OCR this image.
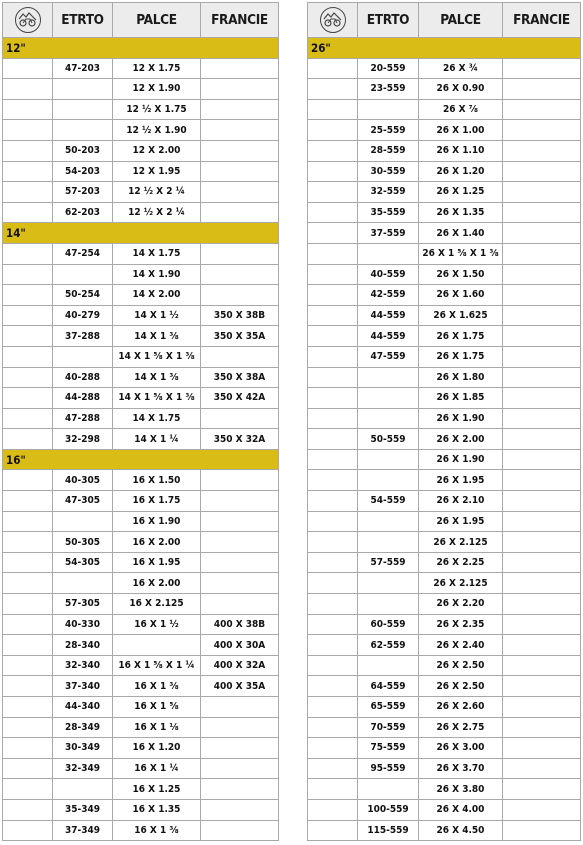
	ETRTO	PALCE	FRANCIE
12"			
	47-203	12 X 1.75	
		12 X 1.90	
		12 ½ X 1.75	
		12 ½ X 1.90	
	50-203	12 X 2.00	
	54-203	12 X 1.95	
	57-203	12 ½ X 2 ¼	
	62-203	12 ½ X 2 ¼	
14"			
	47-254	14 X 1.75	
		14 X 1.90	
	50-254	14 X 2.00	
	40-279	14 X 1 ½	350 X 38B
	37-288	14 X 1 ⅜	350 X 35A
		14 X 1 ⅝ X 1 ⅜	
	40-288	14 X 1 ⅜	350 X 38A
	44-288	14 X 1 ⅝ X 1 ⅜	350 X 42A
	47-288	14 X 1.75	
	32-298	14 X 1 ¼	350 X 32A
16"			
	40-305	16 X 1.50	
	47-305	16 X 1.75	
		16 X 1.90	
	50-305	16 X 2.00	
	54-305	16 X 1.95	
		16 X 2.00	
	57-305	16 X 2.125	
	40-330	16 X 1 ½	400 X 38B
	28-340		400 X 30A
	32-340	16 X 1 ⅝ X 1 ¼	400 X 32A
	37-340	16 X 1 ⅜	400 X 35A
	44-340	16 X 1 ⅝	
	28-349	16 X 1 ⅛	
	30-349	16 X 1.20	
	32-349	16 X 1 ¼	
		16 X 1.25	
	35-349	16 X 1.35	
	37-349	16 X 1 ⅜	
	ETRTO	PALCE	FRANCIE
26"			
	20-559	26 X ¾	
	23-559	26 X 0.90	
		26 X ⅞	
	25-559	26 X 1.00	
	28-559	26 X 1.10	
	30-559	26 X 1.20	
	32-559	26 X 1.25	
	35-559	26 X 1.35	
	37-559	26 X 1.40	
		26 X 1 ⅝ X 1 ⅜	
	40-559	26 X 1.50	
	42-559	26 X 1.60	
	44-559	26 X 1.625	
	44-559	26 X 1.75	
	47-559	26 X 1.75	
		26 X 1.80	
		26 X 1.85	
		26 X 1.90	
	50-559	26 X 2.00	
		26 X 1.90	
		26 X 1.95	
	54-559	26 X 2.10	
		26 X 1.95	
		26 X 2.125	
	57-559	26 X 2.25	
		26 X 2.125	
		26 X 2.20	
	60-559	26 X 2.35	
	62-559	26 X 2.40	
		26 X 2.50	
	64-559	26 X 2.50	
	65-559	26 X 2.60	
	70-559	26 X 2.75	
	75-559	26 X 3.00	
	95-559	26 X 3.70	
		26 X 3.80	
	100-559	26 X 4.00	
	115-559	26 X 4.50	
